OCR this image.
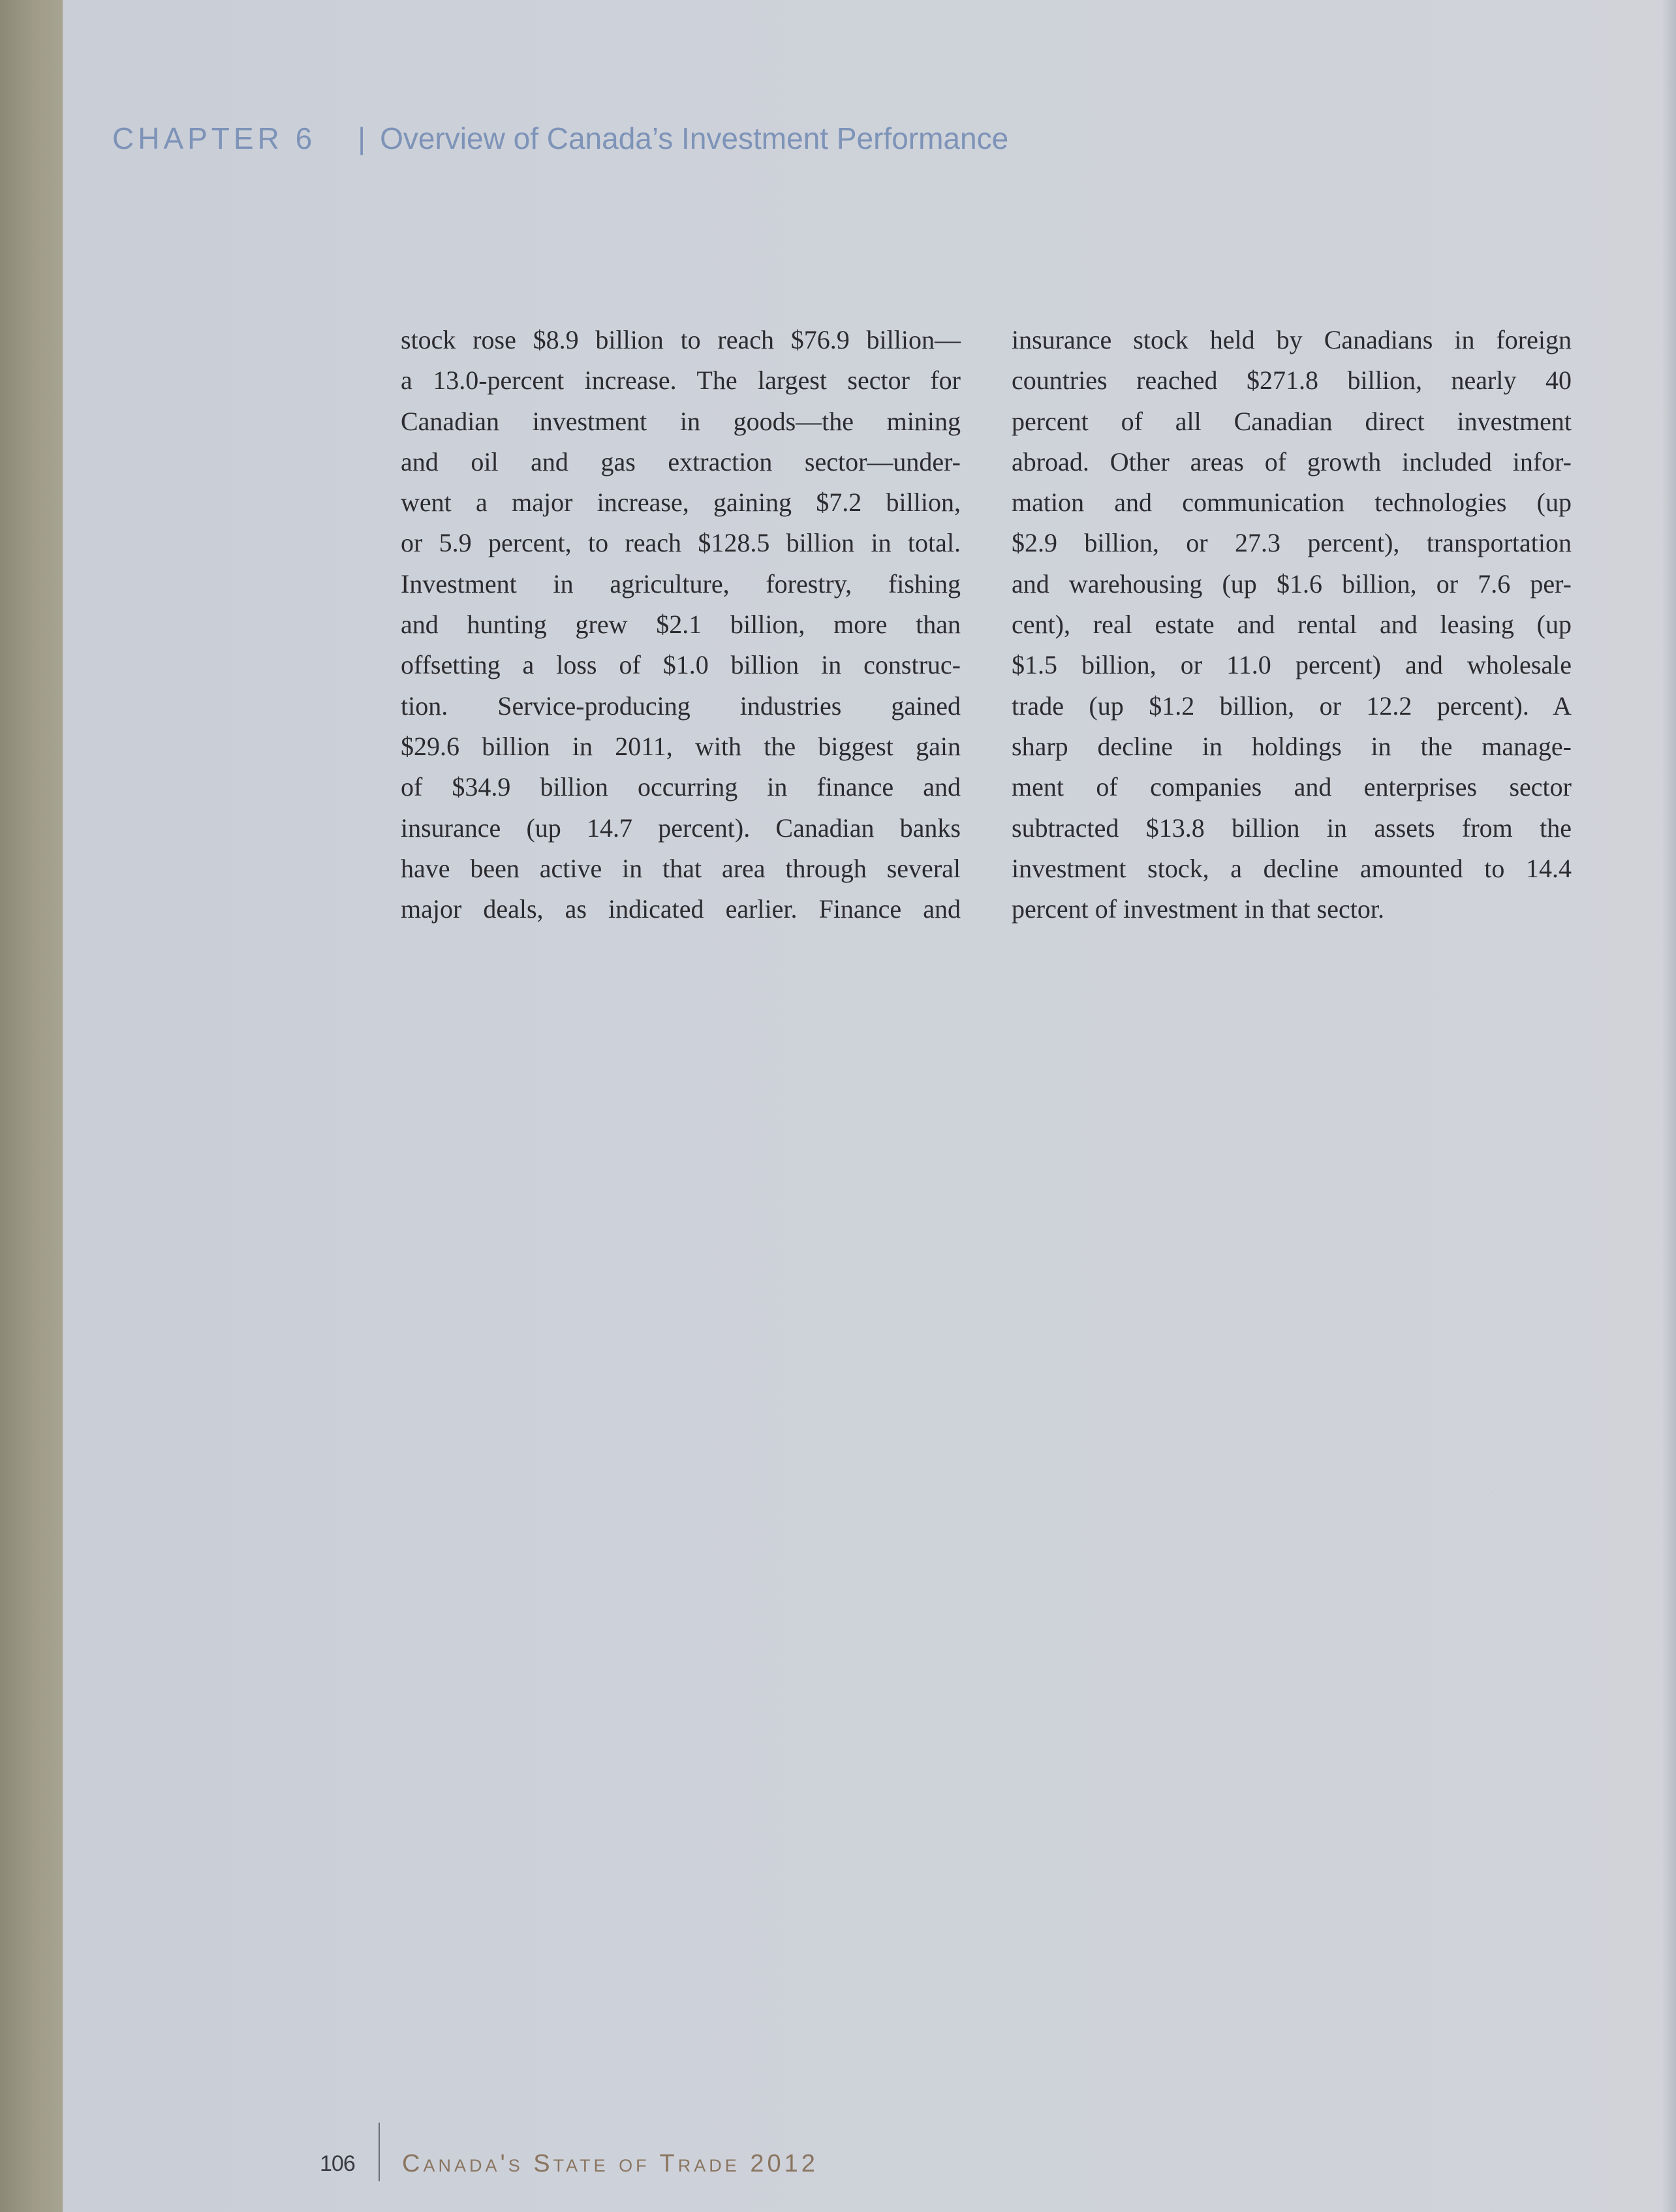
CHAPTER 6 | Overview of Canada’s Investment Performance

stock rose $8.9 billion to reach $76.9 billion—

a 13.0-percent increase. The largest sector for

Canadian investment in goods—the mining

and oil and gas extraction sector—under-

went a major increase, gaining $7.2 billion,

or 5.9 percent, to reach $128.5 billion in total.

Investment in agriculture, forestry, fishing

and hunting grew $2.1 billion, more than

offsetting a loss of $1.0 billion in construc-

tion. Service-producing industries gained

$29.6 billion in 2011, with the biggest gain

of $34.9 billion occurring in finance and

insurance (up 14.7 percent). Canadian banks

have been active in that area through several

major deals, as indicated earlier. Finance and

insurance stock held by Canadians in foreign

countries reached $271.8 billion, nearly 40

percent of all Canadian direct investment

abroad. Other areas of growth included infor-

mation and communication technologies (up

$2.9 billion, or 27.3 percent), transportation

and warehousing (up $1.6 billion, or 7.6 per-

cent), real estate and rental and leasing (up

$1.5 billion, or 11.0 percent) and wholesale

trade (up $1.2 billion, or 12.2 percent). A

sharp decline in holdings in the manage-

ment of companies and enterprises sector

subtracted $13.8 billion in assets from the

investment stock, a decline amounted to 14.4

percent of investment in that sector.

106 Canada's State of Trade 2012
